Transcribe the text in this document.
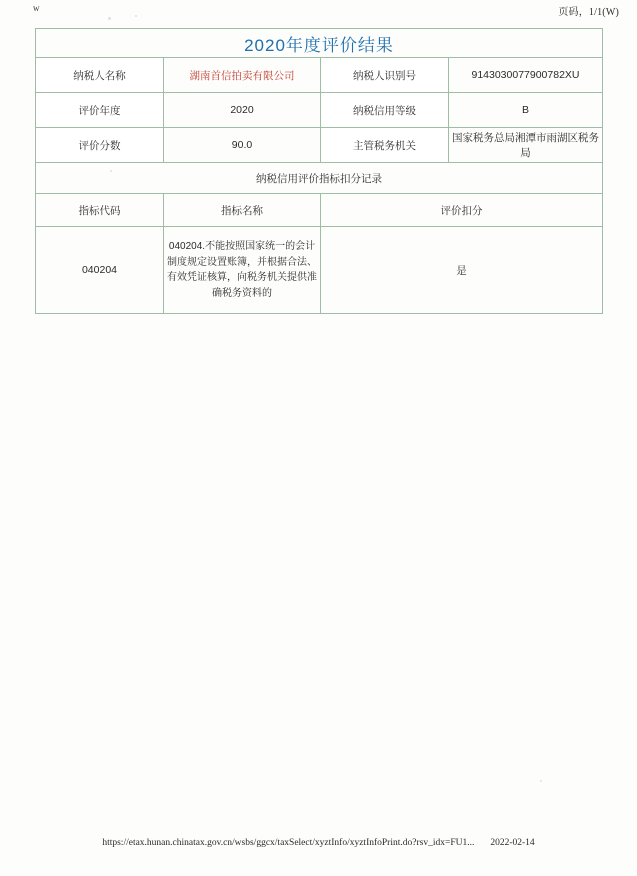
w	页码，1/1(W)
2020年度评价结果			
纳税人名称	湖南首信拍卖有限公司	纳税人识别号	9143030077900782XU
评价年度	2020	纳税信用等级	B
评价分数	90.0	主管税务机关	国家税务总局湘潭市雨湖区税务局
纳税信用评价指标扣分记录			
指标代码	指标名称	评价扣分	
040204	040204.不能按照国家统一的会计制度规定设置账簿，并根据合法、有效凭证核算，向税务机关提供准确税务资料的	是	
https://etax.hunan.chinatax.gov.cn/wsbs/ggcx/taxSelect/xyztInfo/xyztInfoPrint.do?rsv_idx=FU1... 2022-02-14
